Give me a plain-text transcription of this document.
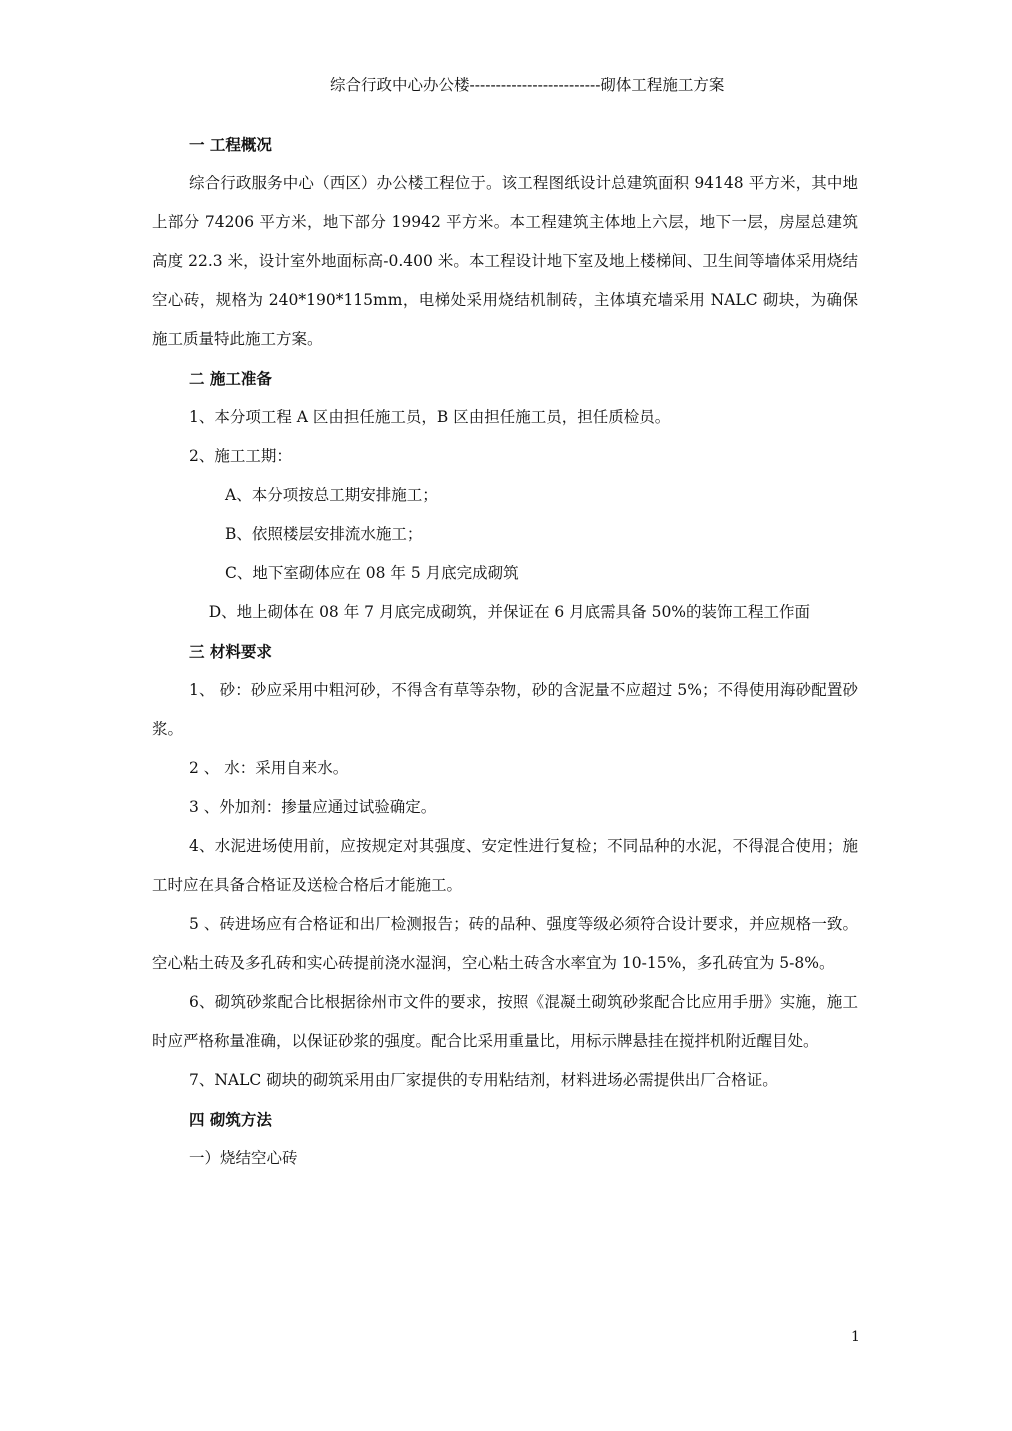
综合行政中心办公楼-------------------------砌体工程施工方案

一 工程概况

综合行政服务中心（西区）办公楼工程位于。该工程图纸设计总建筑面积 94148 平方米，其中地上部分 74206 平方米，地下部分 19942 平方米。本工程建筑主体地上六层，地下一层，房屋总建筑高度 22.3 米，设计室外地面标高-0.400 米。本工程设计地下室及地上楼梯间、卫生间等墙体采用烧结空心砖，规格为 240*190*115mm，电梯处采用烧结机制砖，主体填充墙采用 NALC 砌块，为确保施工质量特此施工方案。

二 施工准备

1、本分项工程 A 区由担任施工员，B 区由担任施工员，担任质检员。

2、施工工期：

A、本分项按总工期安排施工；

B、依照楼层安排流水施工；

C、地下室砌体应在 08 年 5 月底完成砌筑

D、地上砌体在 08 年 7 月底完成砌筑，并保证在 6 月底需具备 50%的装饰工程工作面

三 材料要求

1、 砂：砂应采用中粗河砂，不得含有草等杂物，砂的含泥量不应超过 5%；不得使用海砂配置砂浆。

2 、 水：采用自来水。

3 、外加剂：掺量应通过试验确定。

4、水泥进场使用前，应按规定对其强度、安定性进行复检；不同品种的水泥，不得混合使用；施工时应在具备合格证及送检合格后才能施工。

5 、砖进场应有合格证和出厂检测报告；砖的品种、强度等级必须符合设计要求，并应规格一致。空心粘土砖及多孔砖和实心砖提前浇水湿润，空心粘土砖含水率宜为 10-15%，多孔砖宜为 5-8%。

6、砌筑砂浆配合比根据徐州市文件的要求，按照《混凝土砌筑砂浆配合比应用手册》实施，施工时应严格称量准确，以保证砂浆的强度。配合比采用重量比，用标示牌悬挂在搅拌机附近醒目处。

7、NALC 砌块的砌筑采用由厂家提供的专用粘结剂，材料进场必需提供出厂合格证。

四 砌筑方法

一）烧结空心砖

1
